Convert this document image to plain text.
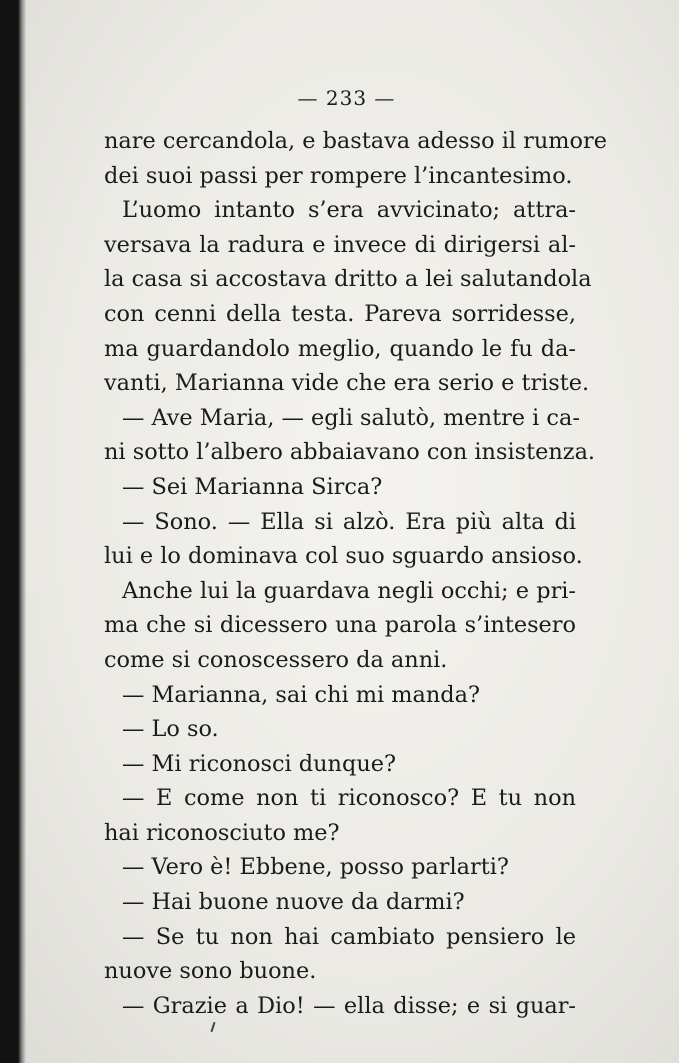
— 233 —
nare cercandola, e bastava adesso il rumore
dei suoi passi per rompere l’incantesimo.
L’uomo intanto s’era avvicinato; attra-
versava la radura e invece di dirigersi al-
la casa si accostava dritto a lei salutandola
con cenni della testa. Pareva sorridesse,
ma guardandolo meglio, quando le fu da-
vanti, Marianna vide che era serio e triste.
— Ave Maria, — egli salutò, mentre i ca-
ni sotto l’albero abbaiavano con insistenza.
— Sei Marianna Sirca?
— Sono. — Ella si alzò. Era più alta di
lui e lo dominava col suo sguardo ansioso.
Anche lui la guardava negli occhi; e pri-
ma che si dicessero una parola s’intesero
come si conoscessero da anni.
— Marianna, sai chi mi manda?
— Lo so.
— Mi riconosci dunque?
— E come non ti riconosco? E tu non
hai riconosciuto me?
— Vero è! Ebbene, posso parlarti?
— Hai buone nuove da darmi?
— Se tu non hai cambiato pensiero le
nuove sono buone.
— Grazie a Dio! — ella disse; e si guar-
